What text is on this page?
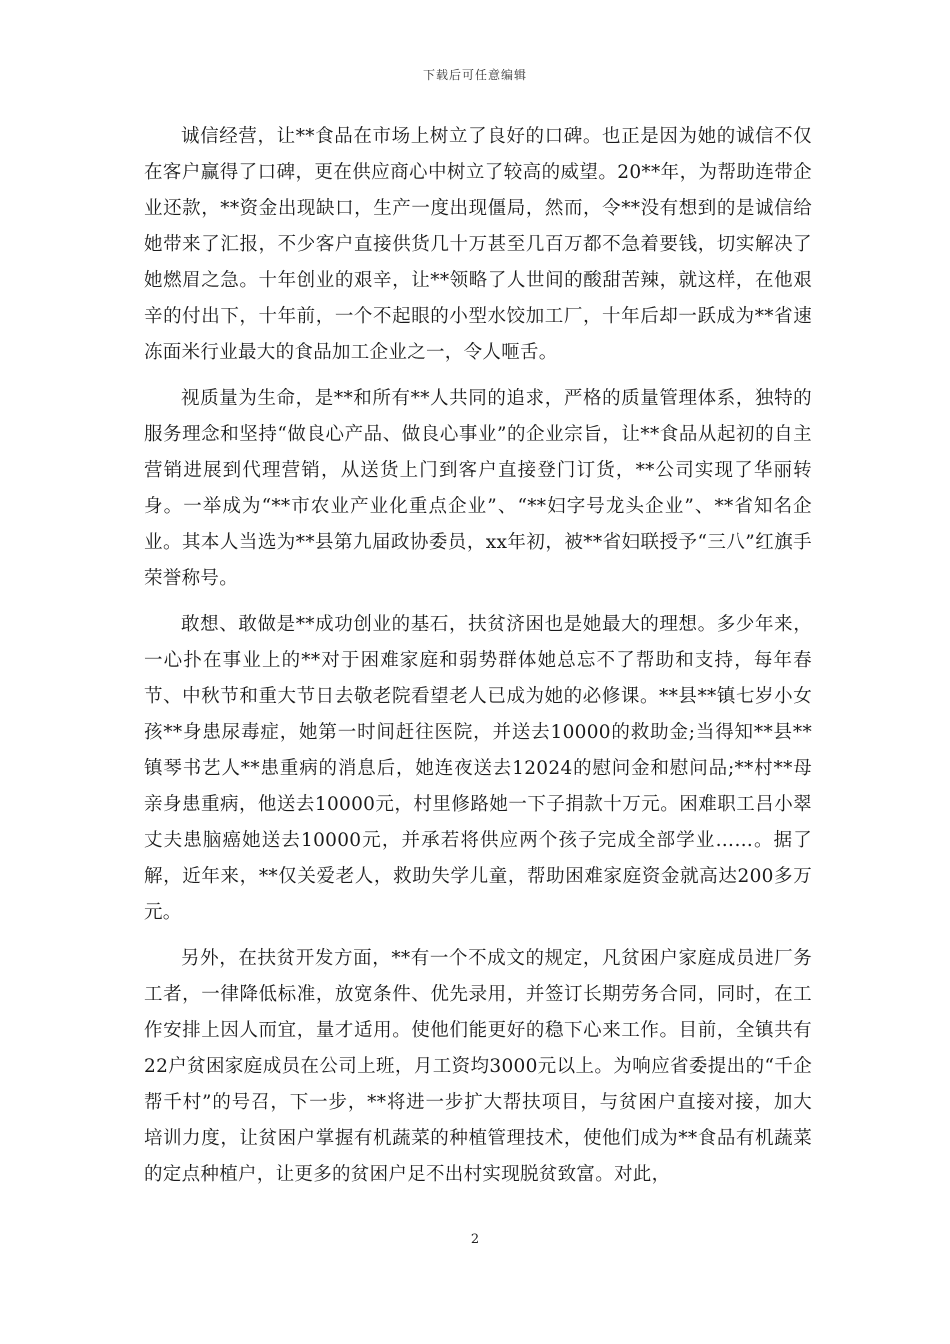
下载后可任意编辑

诚信经营，让**食品在市场上树立了良好的口碑。也正是因为她的诚信不仅在客户赢得了口碑，更在供应商心中树立了较高的威望。20**年，为帮助连带企业还款，**资金出现缺口，生产一度出现僵局，然而，令**没有想到的是诚信给她带来了汇报，不少客户直接供货几十万甚至几百万都不急着要钱，切实解决了她燃眉之急。十年创业的艰辛，让**领略了人世间的酸甜苦辣，就这样，在他艰辛的付出下，十年前，一个不起眼的小型水饺加工厂，十年后却一跃成为**省速冻面米行业最大的食品加工企业之一，令人咂舌。

视质量为生命，是**和所有**人共同的追求，严格的质量管理体系，独特的服务理念和坚持“做良心产品、做良心事业”的企业宗旨，让**食品从起初的自主营销进展到代理营销，从送货上门到客户直接登门订货，**公司实现了华丽转身。一举成为“**市农业产业化重点企业”、“**妇字号龙头企业”、**省知名企业。其本人当选为**县第九届政协委员，xx年初，被**省妇联授予“三八”红旗手荣誉称号。

敢想、敢做是**成功创业的基石，扶贫济困也是她最大的理想。多少年来，一心扑在事业上的**对于困难家庭和弱势群体她总忘不了帮助和支持，每年春节、中秋节和重大节日去敬老院看望老人已成为她的必修课。**县**镇七岁小女孩**身患尿毒症，她第一时间赶往医院，并送去10000的救助金;当得知**县**镇琴书艺人**患重病的消息后，她连夜送去12024的慰问金和慰问品;**村**母亲身患重病，他送去10000元，村里修路她一下子捐款十万元。困难职工吕小翠丈夫患脑癌她送去10000元，并承若将供应两个孩子完成全部学业……。据了解，近年来，**仅关爱老人，救助失学儿童，帮助困难家庭资金就高达200多万元。

另外，在扶贫开发方面，**有一个不成文的规定，凡贫困户家庭成员进厂务工者，一律降低标准，放宽条件、优先录用，并签订长期劳务合同，同时，在工作安排上因人而宜，量才适用。使他们能更好的稳下心来工作。目前，全镇共有22户贫困家庭成员在公司上班，月工资均3000元以上。为响应省委提出的“千企帮千村”的号召，下一步，**将进一步扩大帮扶项目，与贫困户直接对接，加大培训力度，让贫困户掌握有机蔬菜的种植管理技术，使他们成为**食品有机蔬菜的定点种植户，让更多的贫困户足不出村实现脱贫致富。对此，

2
